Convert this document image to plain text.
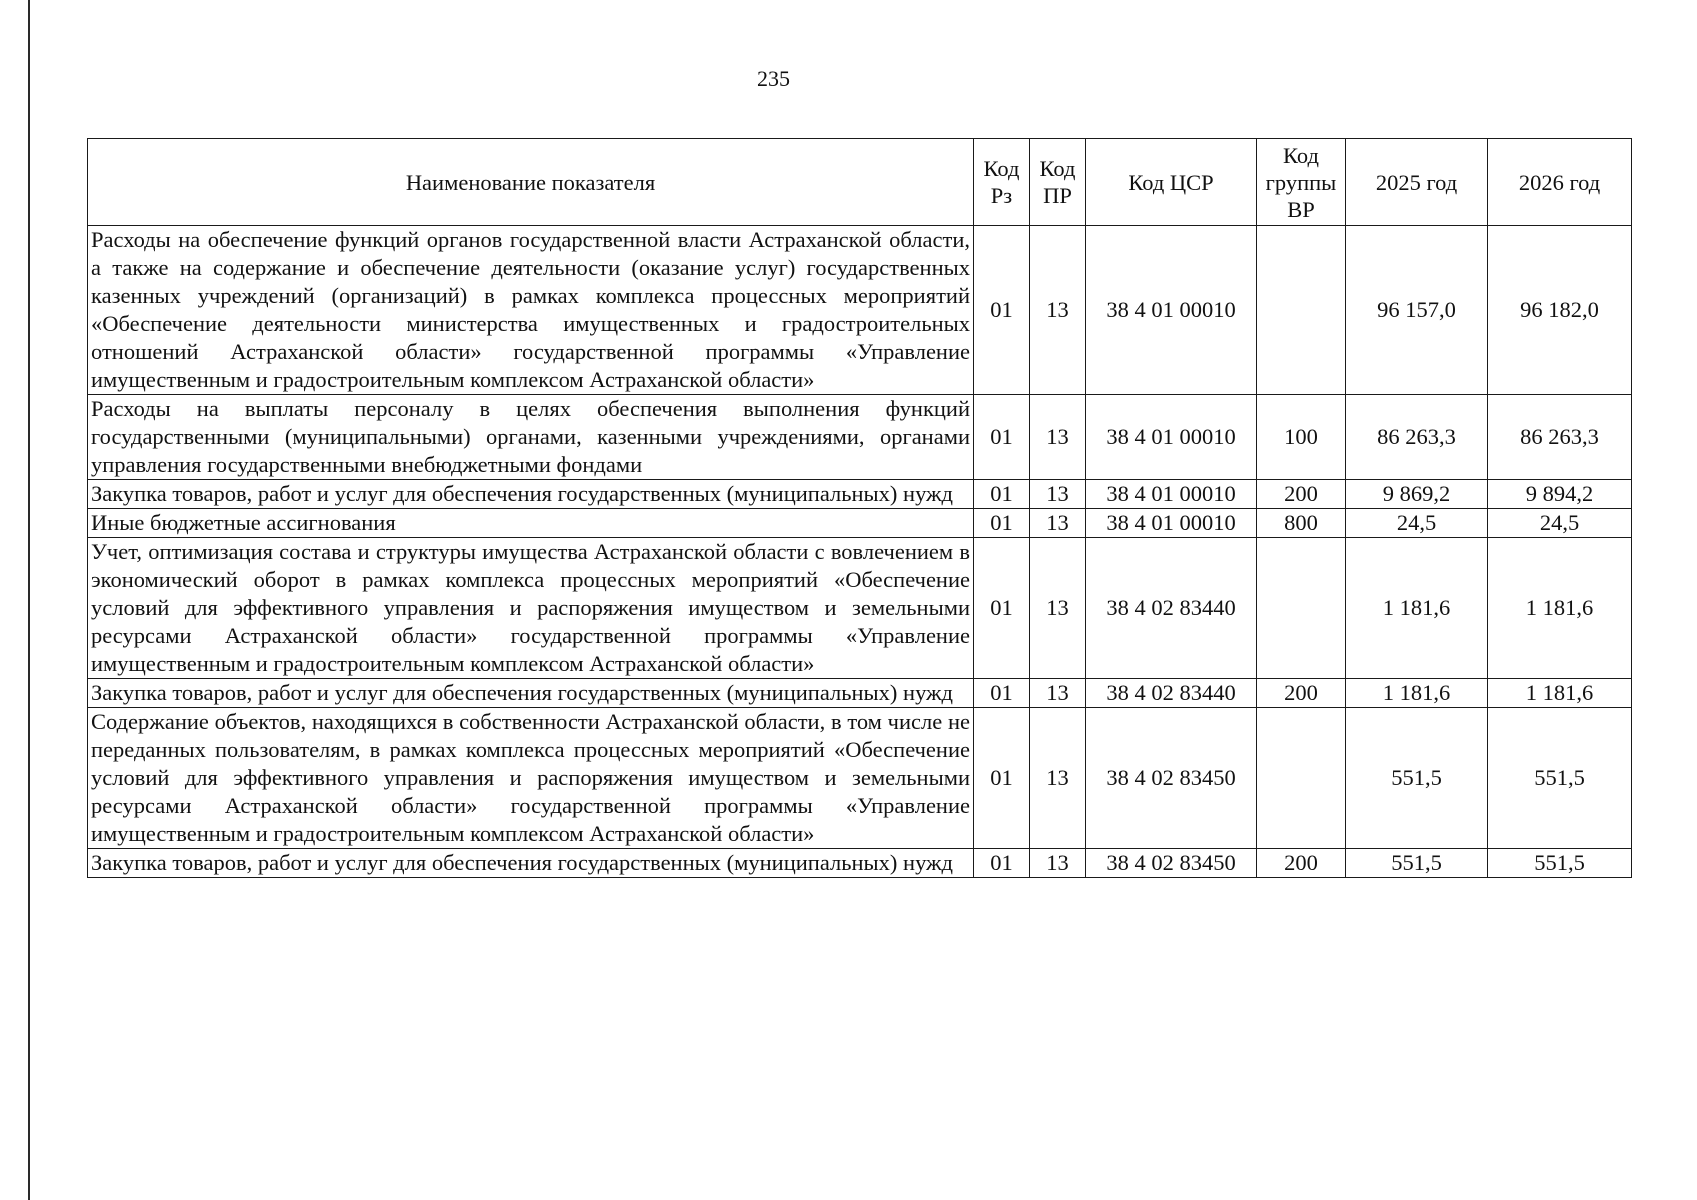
235
Наименование показателя	Код Рз	Код ПР	Код ЦСР	Код группы ВР	2025 год	2026 год
Расходы на обеспечение функций органов государственной власти Астраханской области, а также на содержание и обеспечение деятельности (оказание услуг) государственных казенных учреждений (организаций) в рамках комплекса процессных мероприятий «Обеспечение деятельности министерства имущественных и градостроительных отношений Астраханской области» государственной программы «Управление имущественным и градостроительным комплексом Астраханской области»	01	13	38 4 01 00010		96 157,0	96 182,0
Расходы на выплаты персоналу в целях обеспечения выполнения функций государственными (муниципальными) органами, казенными учреждениями, органами управления государственными внебюджетными фондами	01	13	38 4 01 00010	100	86 263,3	86 263,3
Закупка товаров, работ и услуг для обеспечения государственных (муниципальных) нужд	01	13	38 4 01 00010	200	9 869,2	9 894,2
Иные бюджетные ассигнования	01	13	38 4 01 00010	800	24,5	24,5
Учет, оптимизация состава и структуры имущества Астраханской области с вовлечением в экономический оборот в рамках комплекса процессных мероприятий «Обеспечение условий для эффективного управления и распоряжения имуществом и земельными ресурсами Астраханской области» государственной программы «Управление имущественным и градостроительным комплексом Астраханской области»	01	13	38 4 02 83440		1 181,6	1 181,6
Закупка товаров, работ и услуг для обеспечения государственных (муниципальных) нужд	01	13	38 4 02 83440	200	1 181,6	1 181,6
Содержание объектов, находящихся в собственности Астраханской области, в том числе не переданных пользователям, в рамках комплекса процессных мероприятий «Обеспечение условий для эффективного управления и распоряжения имуществом и земельными ресурсами Астраханской области» государственной программы «Управление имущественным и градостроительным комплексом Астраханской области»	01	13	38 4 02 83450		551,5	551,5
Закупка товаров, работ и услуг для обеспечения государственных (муниципальных) нужд	01	13	38 4 02 83450	200	551,5	551,5
